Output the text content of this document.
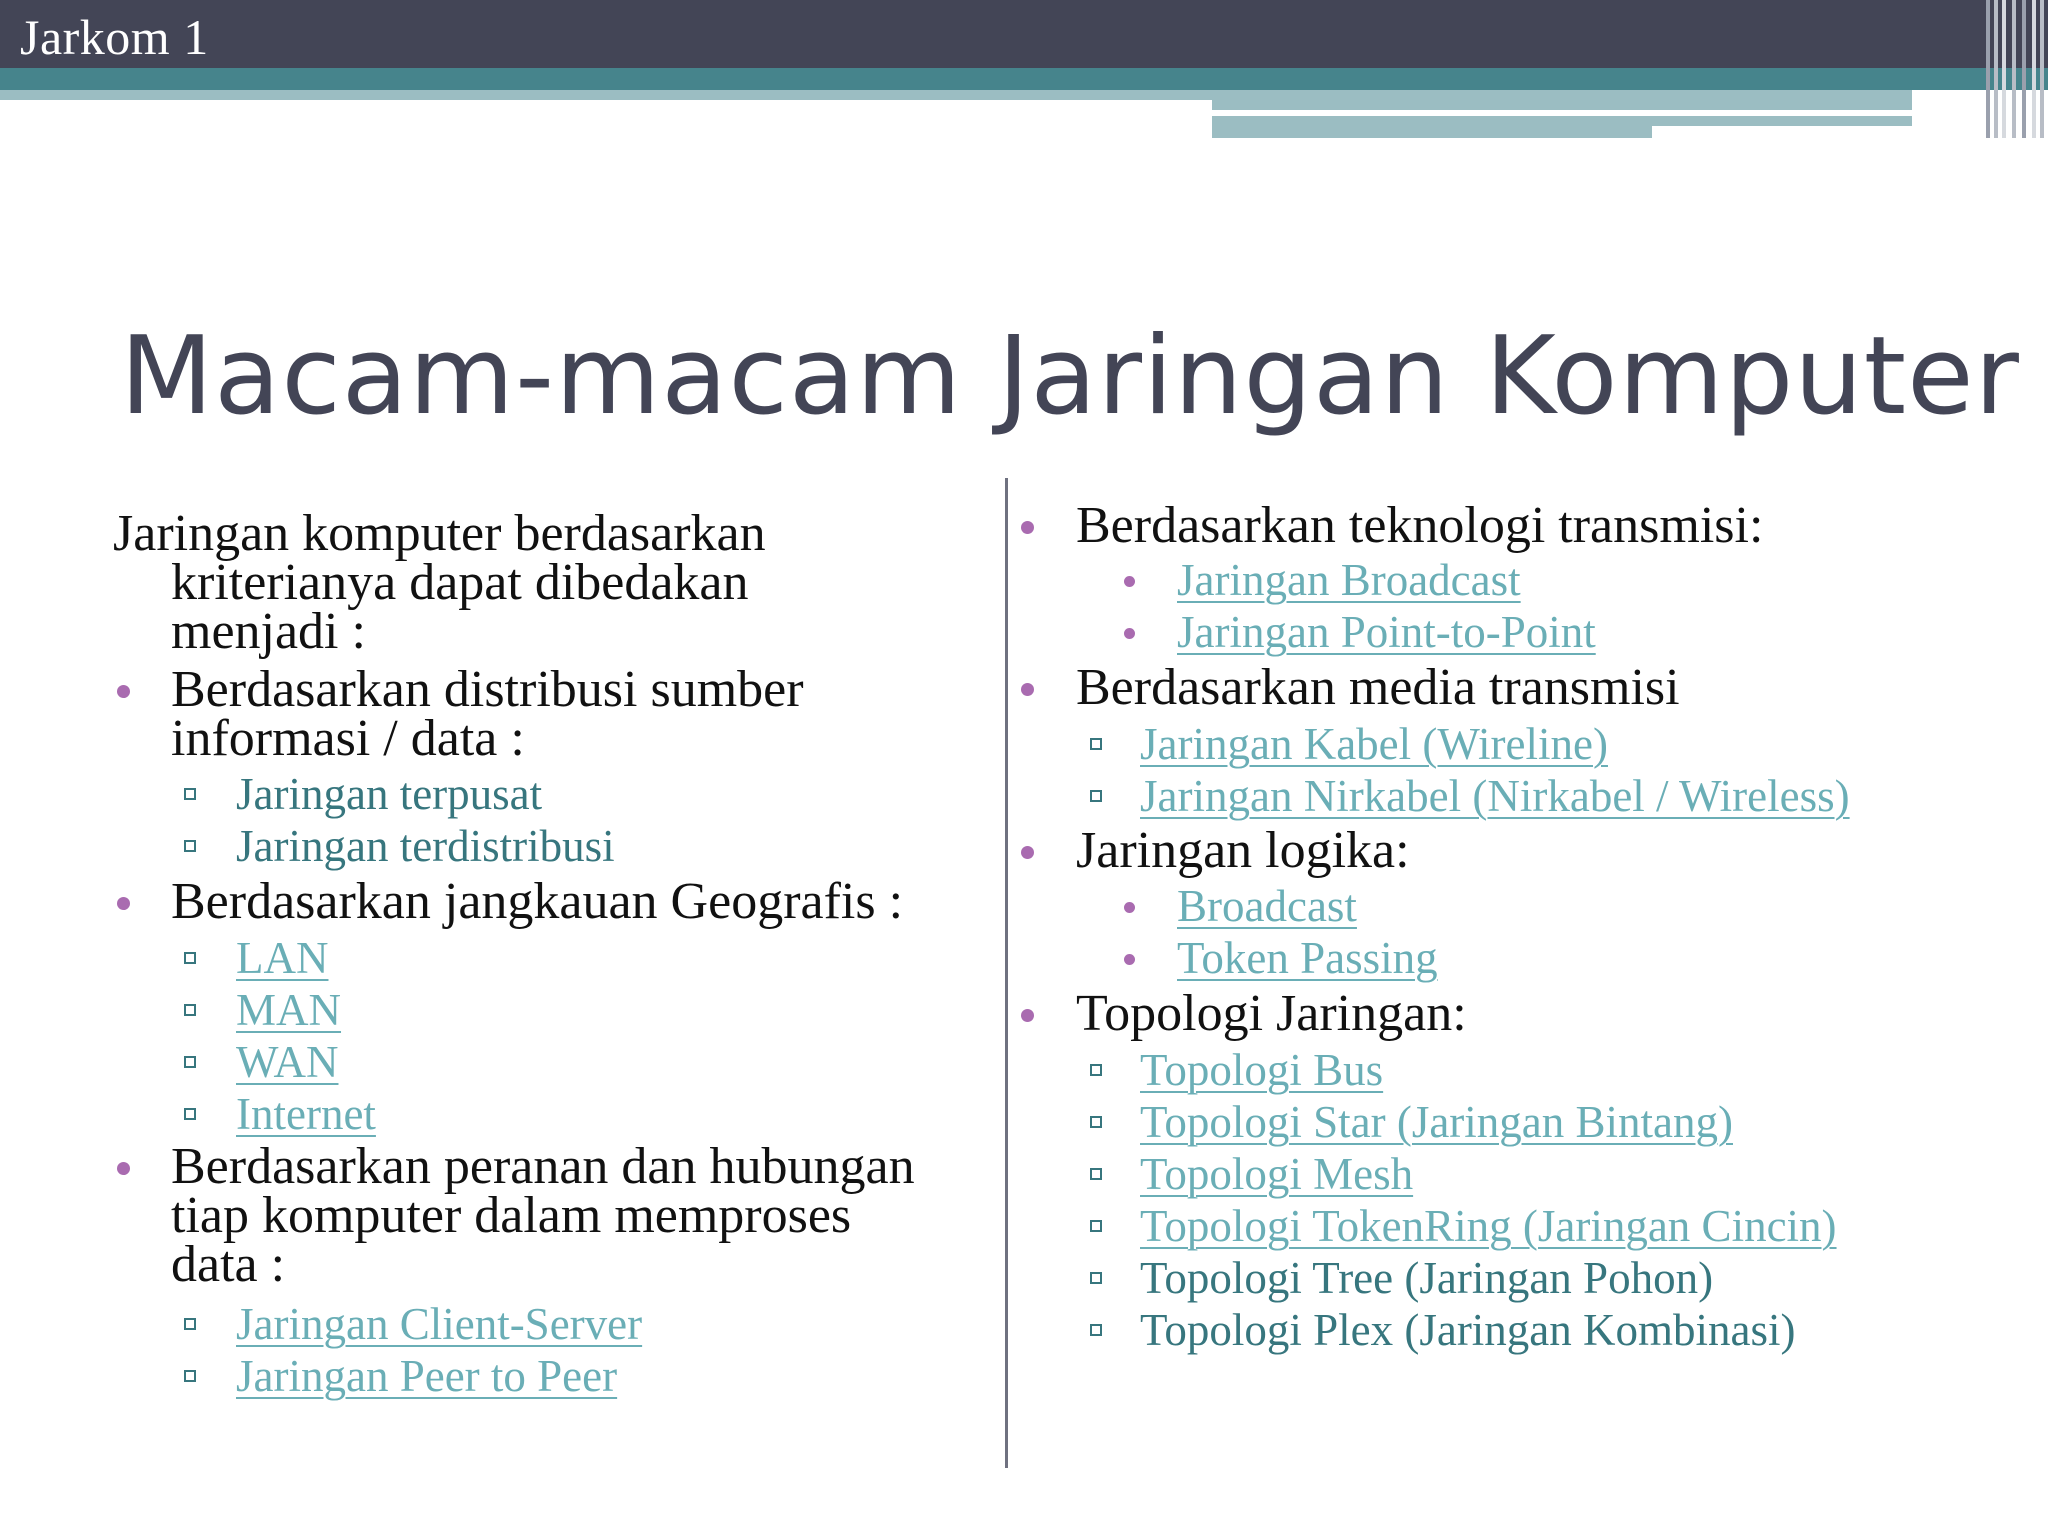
Jarkom 1
Macam-macam Jaringan Komputer
Jaringan komputer berdasarkan
kriterianya dapat dibedakan
menjadi :
Berdasarkan distribusi sumber
informasi / data :
Jaringan terpusat
Jaringan terdistribusi
Berdasarkan jangkauan Geografis :
LAN
MAN
WAN
Internet
Berdasarkan peranan dan hubungan
tiap komputer dalam memproses
data :
Jaringan Client-Server
Jaringan Peer to Peer
Berdasarkan teknologi transmisi:
Jaringan Broadcast
Jaringan Point-to-Point
Berdasarkan media transmisi
Jaringan Kabel (Wireline)
Jaringan Nirkabel (Nirkabel / Wireless)
Jaringan logika:
Broadcast
Token Passing
Topologi Jaringan:
Topologi Bus
Topologi Star (Jaringan Bintang)
Topologi Mesh
Topologi TokenRing (Jaringan Cincin)
Topologi Tree (Jaringan Pohon)
Topologi Plex (Jaringan Kombinasi)
